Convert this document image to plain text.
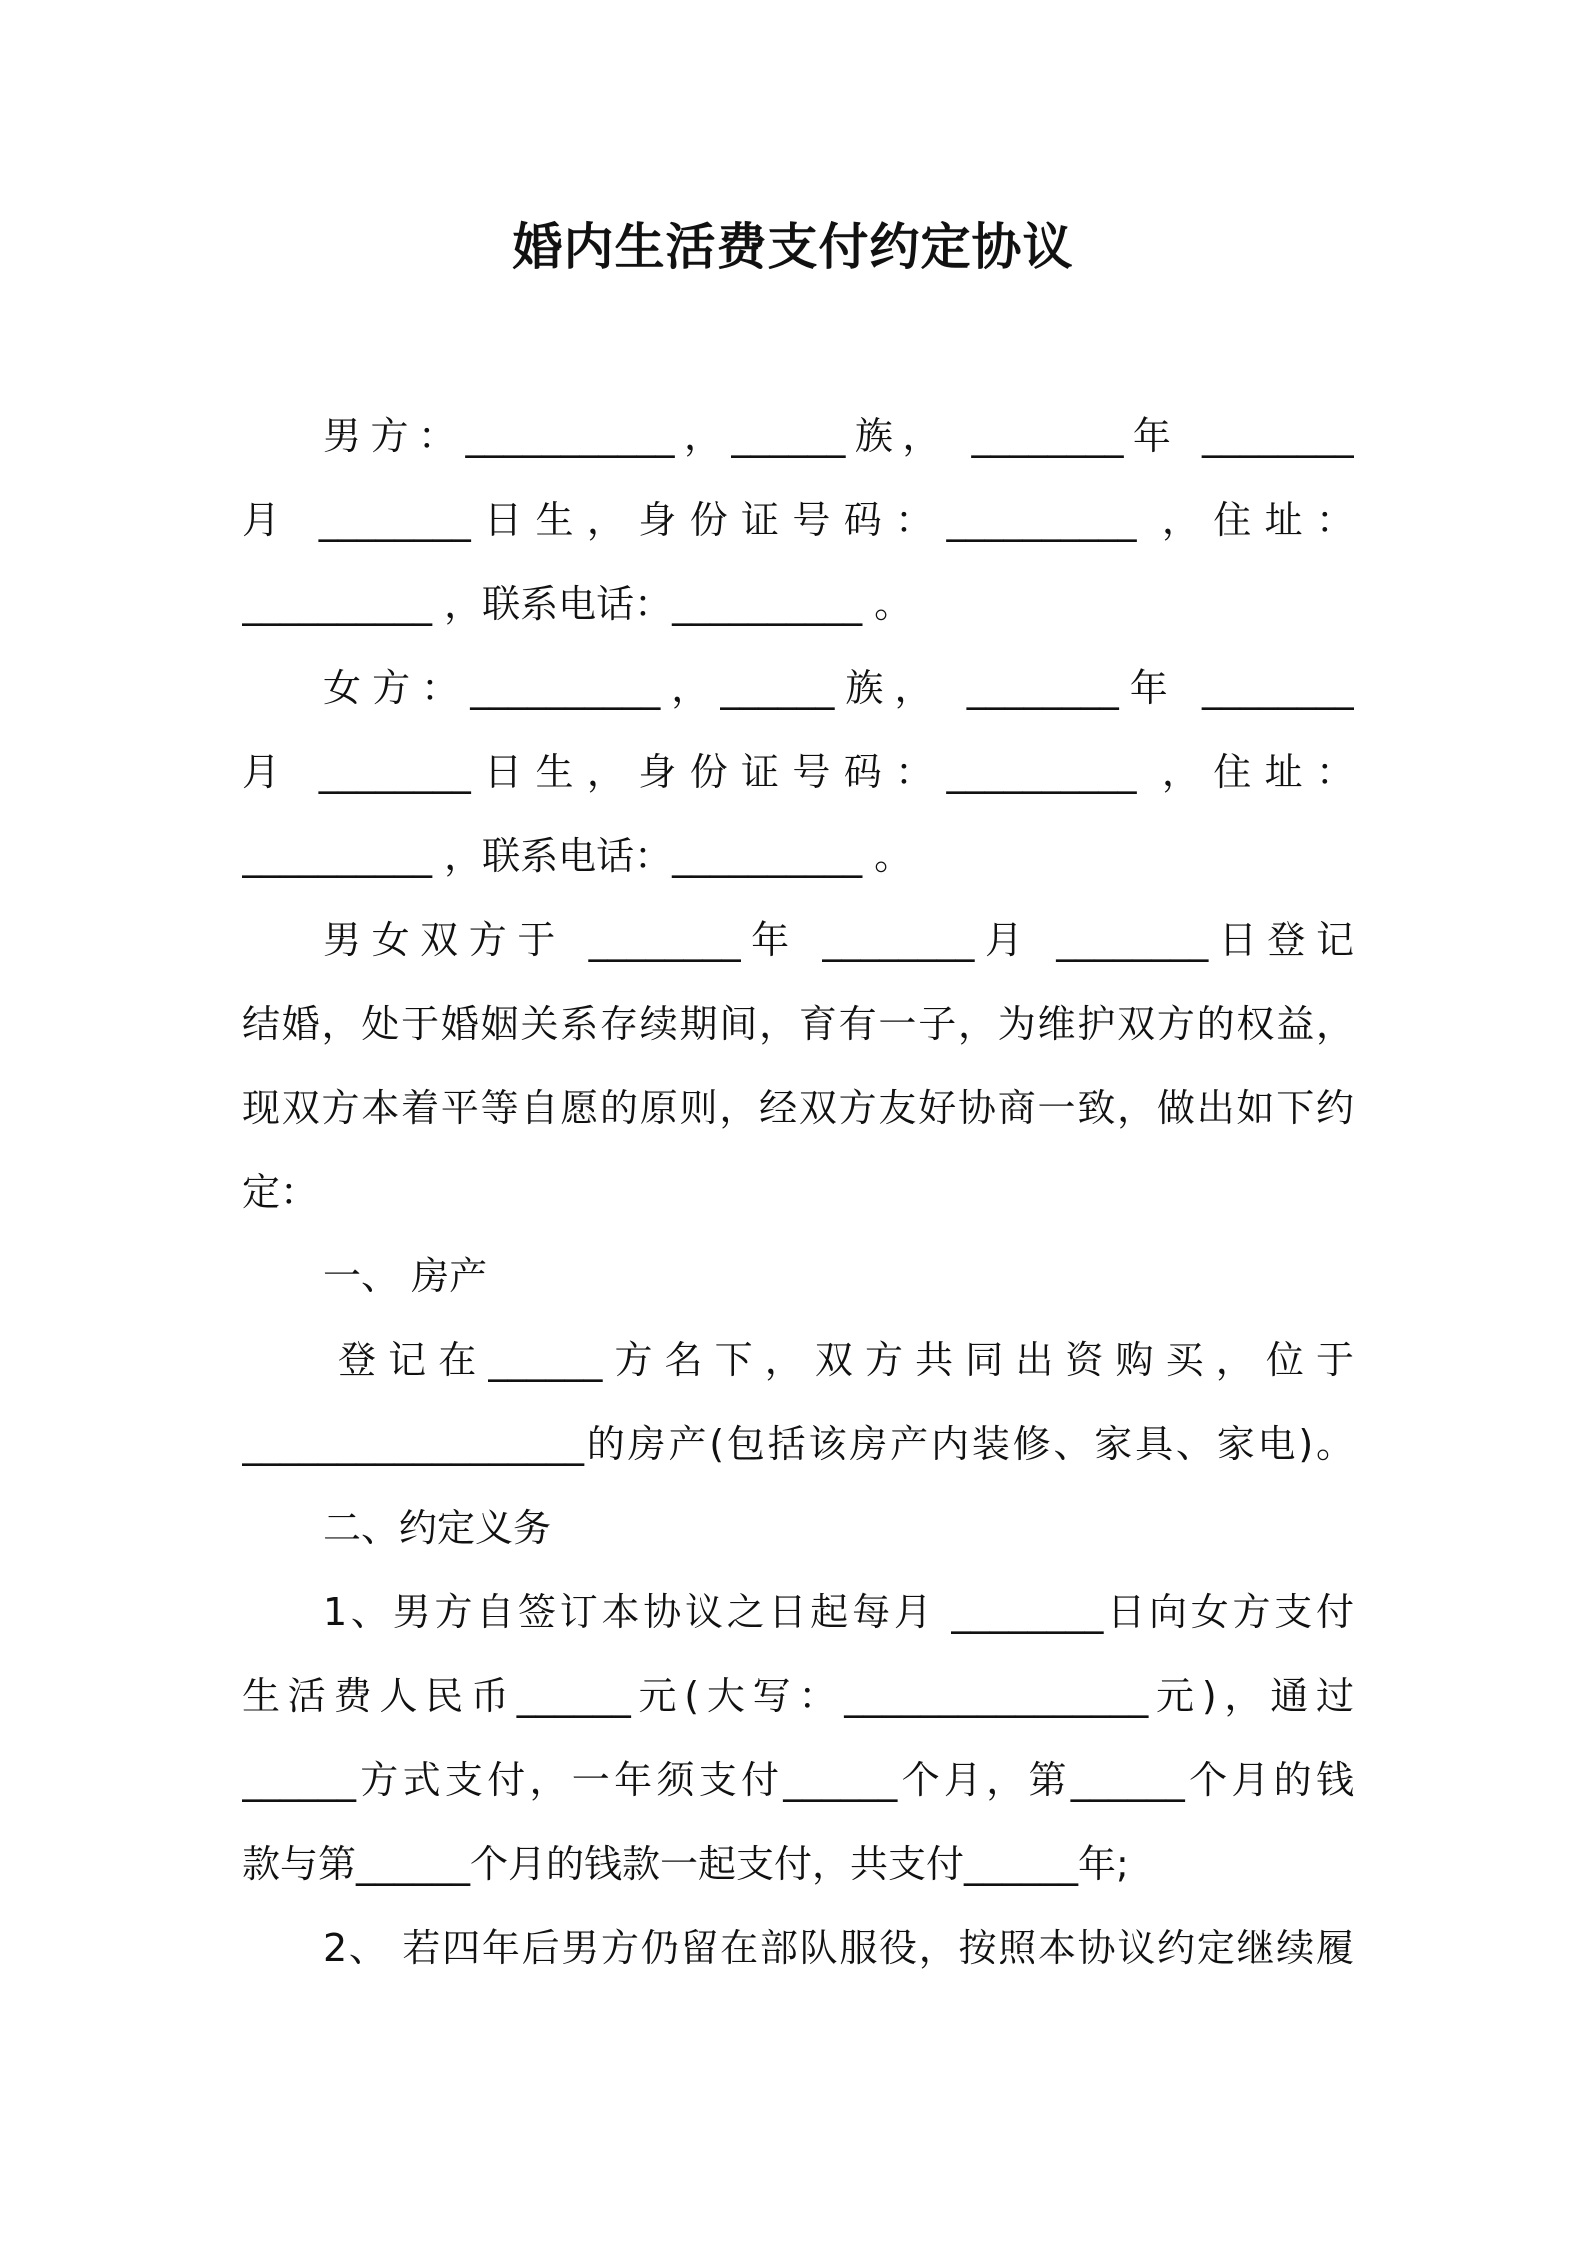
婚内生活费支付约定协议
男方：___________，______族， ________年 ________
月 ________日生，身份证号码：__________ ，住址：
__________ ，联系电话：__________ 。
女方：__________，______族， ________年 ________
月 ________日生，身份证号码：__________ ，住址：
__________ ，联系电话：__________ 。
男女双方于 ________年 ________月 ________日登记
结婚，处于婚姻关系存续期间，育有一子，为维护双方的权益，
现双方本着平等自愿的原则，经双方友好协商一致，做出如下约
定：
一、 房产
登记在______方名下，双方共同出资购买，位于
__________________的房产(包括该房产内装修、家具、家电)。
二、约定义务
1、男方自签订本协议之日起每月 ________日向女方支付
生活费人民币______元(大写：________________元)，通过
______方式支付，一年须支付______个月，第______个月的钱
款与第______个月的钱款一起支付，共支付______年;
2、 若四年后男方仍留在部队服役，按照本协议约定继续履
